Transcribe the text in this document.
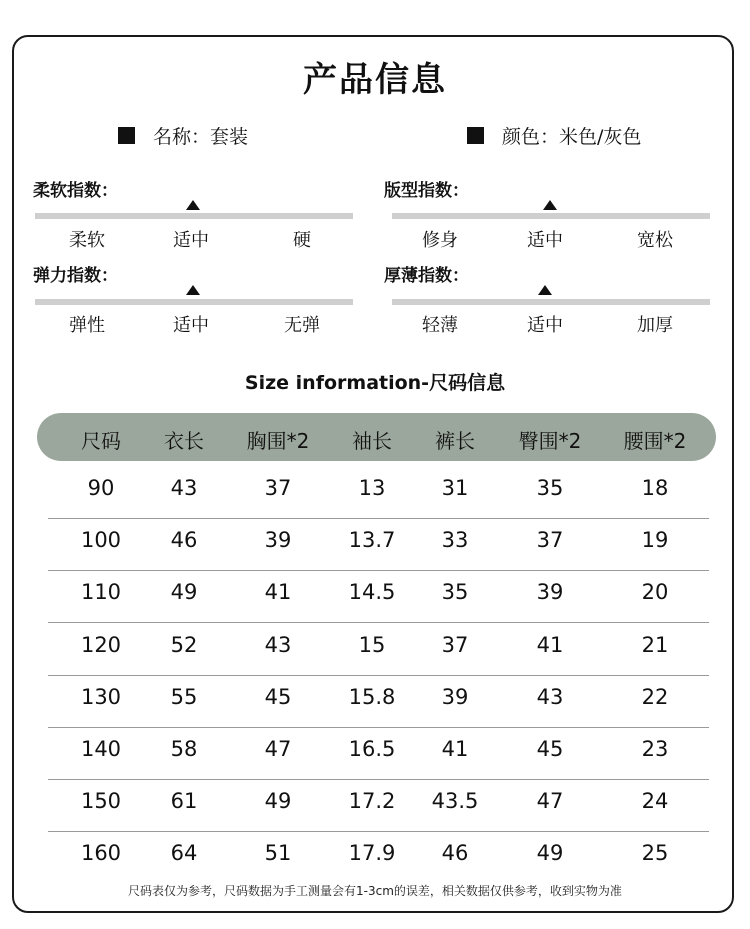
产品信息
名称：套装	颜色：米色/灰色
柔软指数：
柔软	适中	硬
版型指数：
修身	适中	宽松
弹力指数：
弹性	适中	无弹
厚薄指数：
轻薄	适中	加厚
Size information-尺码信息
尺码	衣长	胸围*2	袖长	裤长	臀围*2	腰围*2
90	43	37	13	31	35	18
100	46	39	13.7	33	37	19
110	49	41	14.5	35	39	20
120	52	43	15	37	41	21
130	55	45	15.8	39	43	22
140	58	47	16.5	41	45	23
150	61	49	17.2	43.5	47	24
160	64	51	17.9	46	49	25
尺码表仅为参考，尺码数据为手工测量会有1-3cm的误差，相关数据仅供参考，收到实物为准
